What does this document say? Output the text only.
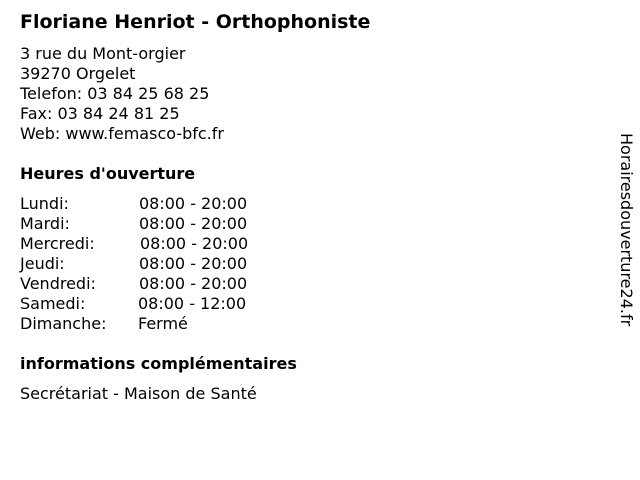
Floriane Henriot - Orthophoniste
3 rue du Mont-orgier
39270 Orgelet
Telefon: 03 84 25 68 25
Fax: 03 84 24 81 25
Web: www.femasco-bfc.fr
Heures d'ouverture
Lundi:	08:00 - 20:00
Mardi:	08:00 - 20:00
Mercredi:	08:00 - 20:00
Jeudi:	08:00 - 20:00
Vendredi:	08:00 - 20:00
Samedi:	08:00 - 12:00
Dimanche: Fermé
informations complémentaires
Secrétariat - Maison de Santé
Horairesdouverture24.fr
